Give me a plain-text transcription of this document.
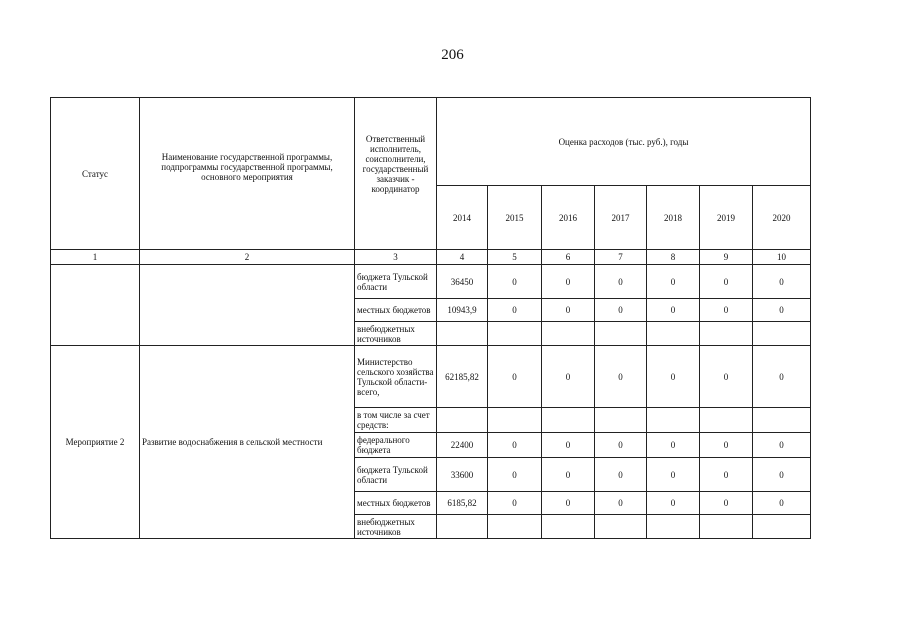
206
Статус	Наименование государственной программы, подпрограммы государственной программы, основного мероприятия	Ответственный исполнитель, соисполнители, государственный заказчик - координатор	Оценка расходов (тыс. руб.), годы						
			2014	2015	2016	2017	2018	2019	2020
1	2	3	4	5	6	7	8	9	10
		бюджета Тульской области	36450	0	0	0	0	0	0
		местных бюджетов	10943,9	0	0	0	0	0	0
		внебюджетных источников							
Мероприятие 2	Развитие водоснабжения в сельской местности	Министерство сельского хозяйства Тульской области- всего,	62185,82	0	0	0	0	0	0
		в том числе за счет средств:							
		федерального бюджета	22400	0	0	0	0	0	0
		бюджета Тульской области	33600	0	0	0	0	0	0
		местных бюджетов	6185,82	0	0	0	0	0	0
		внебюджетных источников							
